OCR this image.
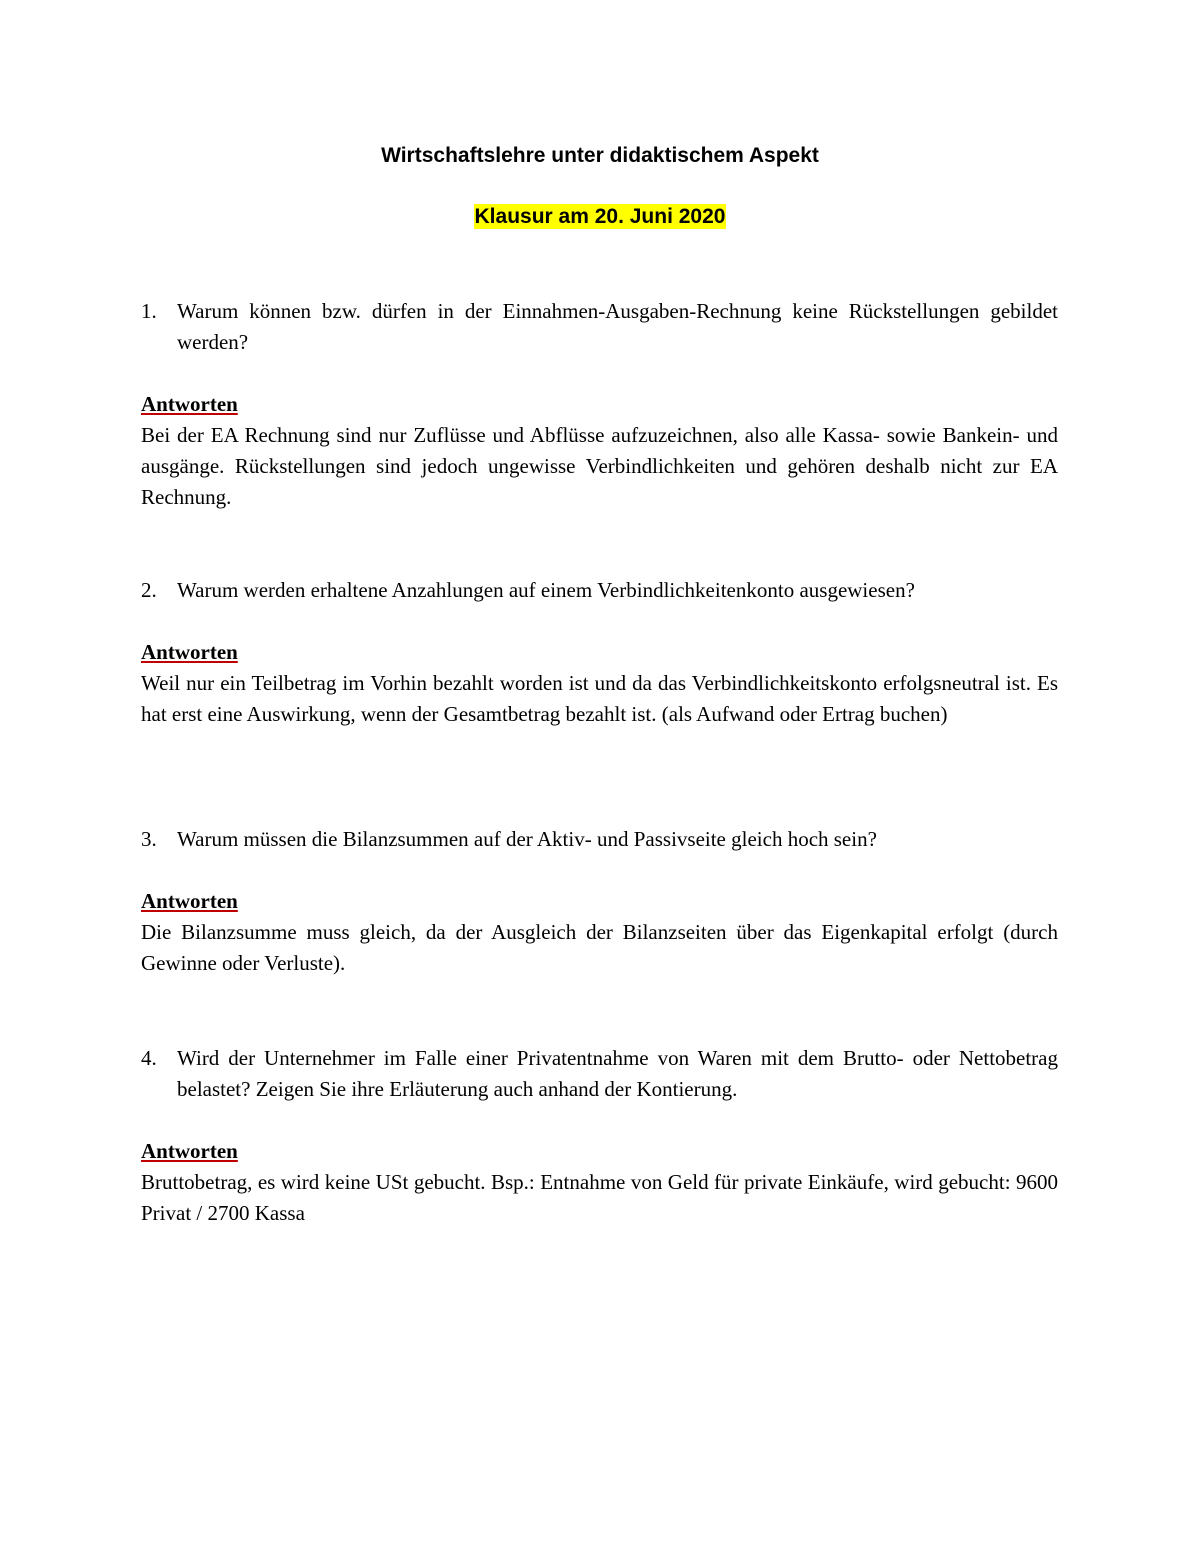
Wirtschaftslehre unter didaktischem Aspekt
Klausur am 20. Juni 2020
1. Warum können bzw. dürfen in der Einnahmen-Ausgaben-Rechnung keine Rückstellungen gebildet werden?
Antworten
Bei der EA Rechnung sind nur Zuflüsse und Abflüsse aufzuzeichnen, also alle Kassa- sowie Bankein- und ausgänge. Rückstellungen sind jedoch ungewisse Verbindlichkeiten und gehören deshalb nicht zur EA Rechnung.
2. Warum werden erhaltene Anzahlungen auf einem Verbindlichkeitenkonto ausgewiesen?
Antworten
Weil nur ein Teilbetrag im Vorhin bezahlt worden ist und da das Verbindlichkeitskonto erfolgsneutral ist. Es hat erst eine Auswirkung, wenn der Gesamtbetrag bezahlt ist. (als Aufwand oder Ertrag buchen)
3. Warum müssen die Bilanzsummen auf der Aktiv- und Passivseite gleich hoch sein?
Antworten
Die Bilanzsumme muss gleich, da der Ausgleich der Bilanzseiten über das Eigenkapital erfolgt (durch Gewinne oder Verluste).
4. Wird der Unternehmer im Falle einer Privatentnahme von Waren mit dem Brutto- oder Nettobetrag belastet? Zeigen Sie ihre Erläuterung auch anhand der Kontierung.
Antworten
Bruttobetrag, es wird keine USt gebucht. Bsp.: Entnahme von Geld für private Einkäufe, wird gebucht: 9600 Privat / 2700 Kassa
